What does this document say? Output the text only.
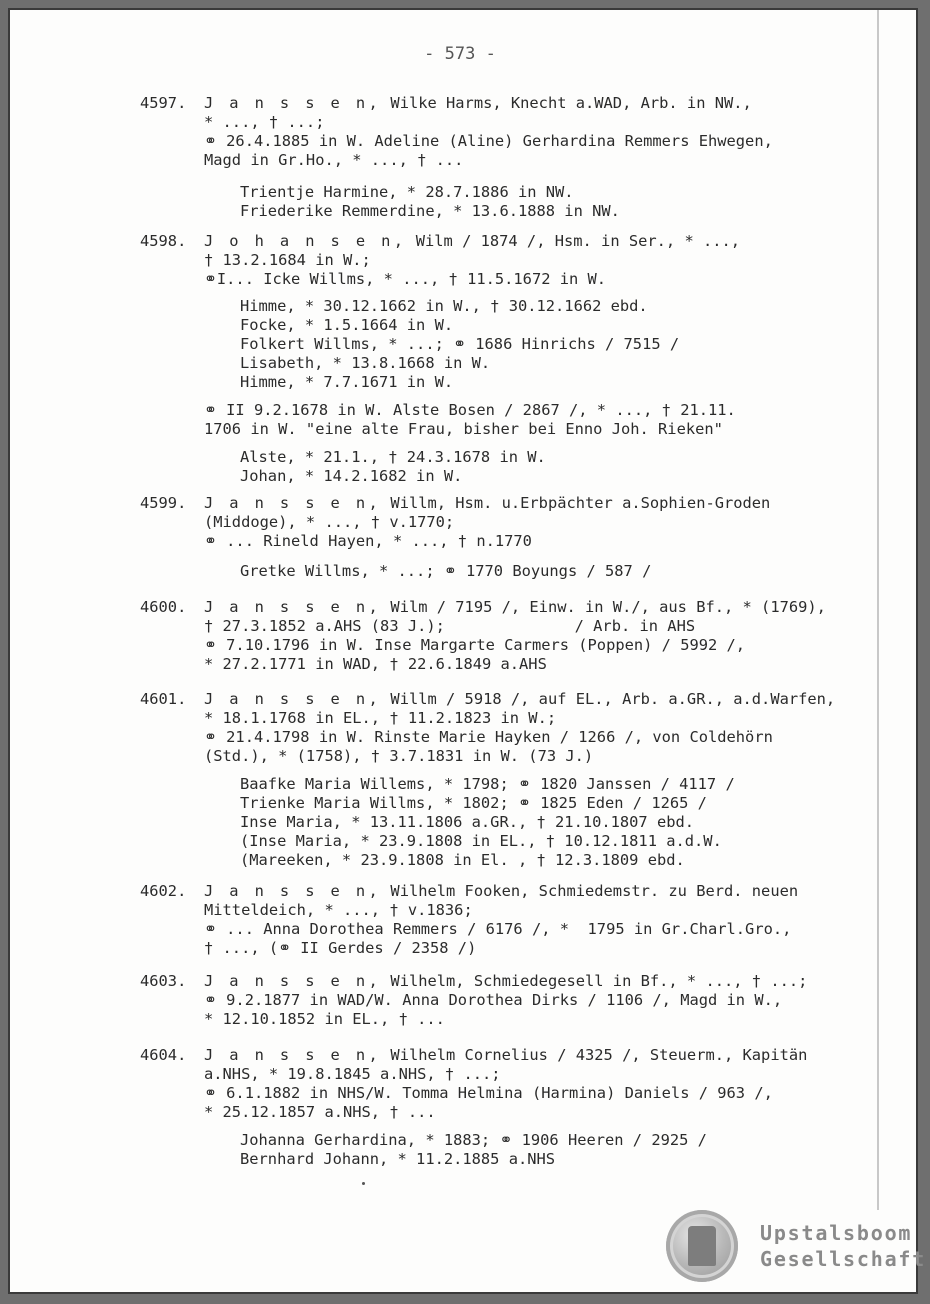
- 573 -
4597.	J a n s s e n, Wilke Harms, Knecht a.WAD, Arb. in NW.,
* ..., † ...;
⚭ 26.4.1885 in W. Adeline (Aline) Gerhardina Remmers Ehwegen,
Magd in Gr.Ho., * ..., † ...
Trientje Harmine, * 28.7.1886 in NW.
Friederike Remmerdine, * 13.6.1888 in NW.
4598.	J o h a n s e n, Wilm / 1874 /, Hsm. in Ser., * ...,
† 13.2.1684 in W.;
⚭I... Icke Willms, * ..., † 11.5.1672 in W.
Himme, * 30.12.1662 in W., † 30.12.1662 ebd.
Focke, * 1.5.1664 in W.
Folkert Willms, * ...; ⚭ 1686 Hinrichs / 7515 /
Lisabeth, * 13.8.1668 in W.
Himme, * 7.7.1671 in W.
⚭ II 9.2.1678 in W. Alste Bosen / 2867 /, * ..., † 21.11.
1706 in W. "eine alte Frau, bisher bei Enno Joh. Rieken"
Alste, * 21.1., † 24.3.1678 in W.
Johan, * 14.2.1682 in W.
4599.	J a n s s e n, Willm, Hsm. u.Erbpächter a.Sophien-Groden
(Middoge), * ..., † v.1770;
⚭ ... Rineld Hayen, * ..., † n.1770
Gretke Willms, * ...; ⚭ 1770 Boyungs / 587 /
4600.	J a n s s e n, Wilm / 7195 /, Einw. in W./, aus Bf., * (1769),
† 27.3.1852 a.AHS (83 J.);              / Arb. in AHS
⚭ 7.10.1796 in W. Inse Margarte Carmers (Poppen) / 5992 /,
* 27.2.1771 in WAD, † 22.6.1849 a.AHS
4601.	J a n s s e n, Willm / 5918 /, auf EL., Arb. a.GR., a.d.Warfen,
* 18.1.1768 in EL., † 11.2.1823 in W.;
⚭ 21.4.1798 in W. Rinste Marie Hayken / 1266 /, von Coldehörn
(Std.), * (1758), † 3.7.1831 in W. (73 J.)
Baafke Maria Willems, * 1798; ⚭ 1820 Janssen / 4117 /
Trienke Maria Willms, * 1802; ⚭ 1825 Eden / 1265 /
Inse Maria, * 13.11.1806 a.GR., † 21.10.1807 ebd.
(Inse Maria, * 23.9.1808 in EL., † 10.12.1811 a.d.W.
(Mareeken, * 23.9.1808 in El. , † 12.3.1809 ebd.
4602.	J a n s s e n, Wilhelm Fooken, Schmiedemstr. zu Berd. neuen
Mitteldeich, * ..., † v.1836;
⚭ ... Anna Dorothea Remmers / 6176 /, *  1795 in Gr.Charl.Gro.,
† ..., (⚭ II Gerdes / 2358 /)
4603.	J a n s s e n, Wilhelm, Schmiedegesell in Bf., * ..., † ...;
⚭ 9.2.1877 in WAD/W. Anna Dorothea Dirks / 1106 /, Magd in W.,
* 12.10.1852 in EL., † ...
4604.	J a n s s e n, Wilhelm Cornelius / 4325 /, Steuerm., Kapitän
a.NHS, * 19.8.1845 a.NHS, † ...;
⚭ 6.1.1882 in NHS/W. Tomma Helmina (Harmina) Daniels / 963 /,
* 25.12.1857 a.NHS, † ...
Johanna Gerhardina, * 1883; ⚭ 1906 Heeren / 2925 /
Bernhard Johann, * 11.2.1885 a.NHS
Upstalsboom
Gesellschaft
